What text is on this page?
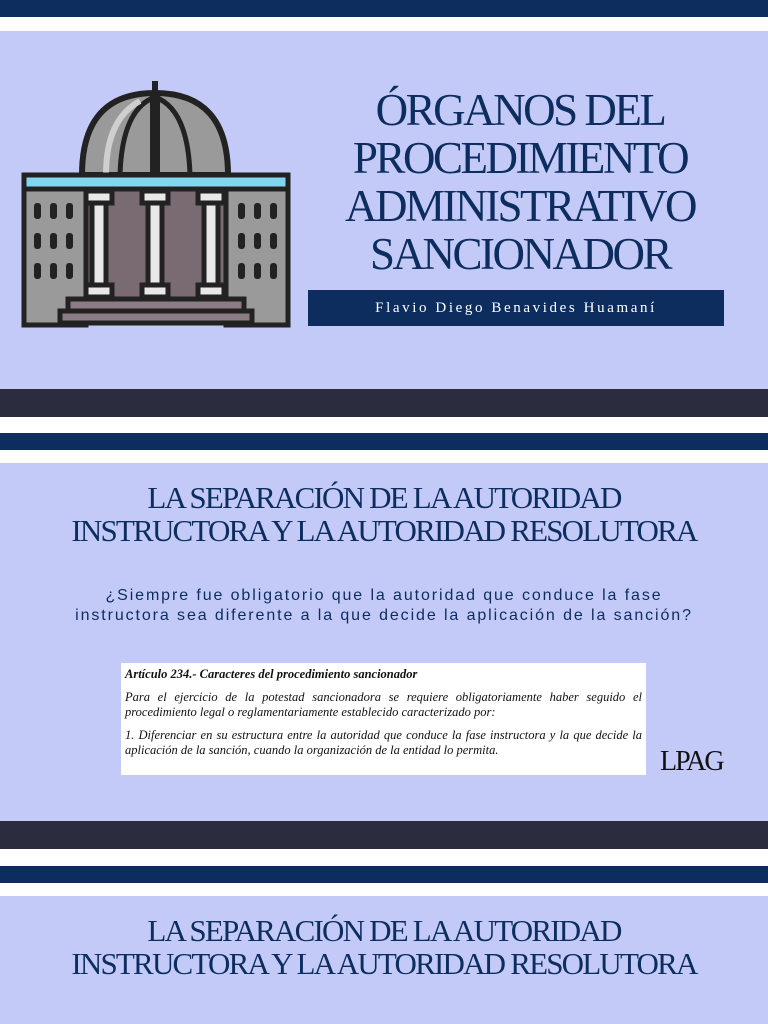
ÓRGANOS DEL
PROCEDIMIENTO
ADMINISTRATIVO
SANCIONADOR
Flavio Diego Benavides Huamaní
LA SEPARACIÓN DE LA AUTORIDAD
INSTRUCTORA Y LA AUTORIDAD RESOLUTORA
¿Siempre fue obligatorio que la autoridad que conduce la fase
instructora sea diferente a la que decide la aplicación de la sanción?
Artículo 234.- Caracteres del procedimiento sancionador
Para el ejercicio de la potestad sancionadora se requiere obligatoriamente haber seguido el procedimiento legal o reglamentariamente establecido caracterizado por:
1. Diferenciar en su estructura entre la autoridad que conduce la fase instructora y la que decide la aplicación de la sanción, cuando la organización de la entidad lo permita.	LPAG
LA SEPARACIÓN DE LA AUTORIDAD
INSTRUCTORA Y LA AUTORIDAD RESOLUTORA
